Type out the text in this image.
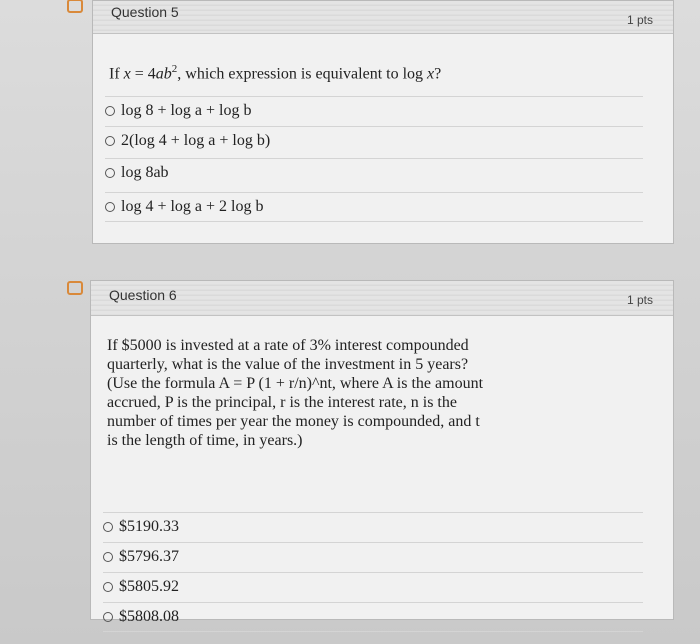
Question 5	1 pts
If $x = 4ab^2$, which expression is equivalent to log x?
log 8 + log a + log b
2(log 4 + log a + log b)
log 8ab
log 4 + log a + 2 log b
Question 6	1 pts
If $5000 is invested at a rate of 3% interest compounded
quarterly, what is the value of the investment in 5 years?
(Use the formula A = P (1 + r/n)^nt, where A is the amount
accrued, P is the principal, r is the interest rate, n is the
number of times per year the money is compounded, and t
is the length of time, in years.)
$5190.33
$5796.37
$5805.92
$5808.08
